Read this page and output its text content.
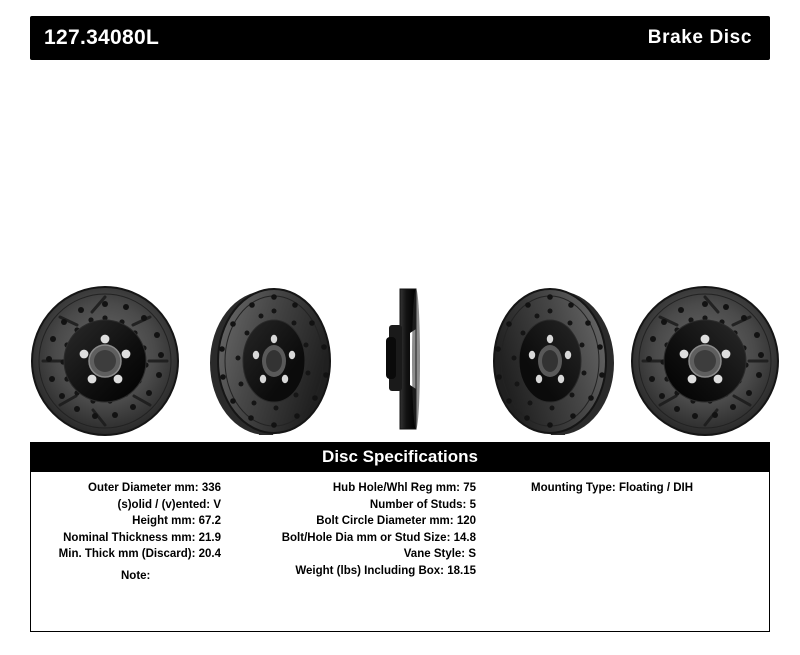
127.34080L	Brake Disc
Disc Specifications
Outer Diameter mm: 336
(s)olid / (v)ented: V
Height mm: 67.2
Nominal Thickness mm: 21.9
Min. Thick mm (Discard): 20.4
Hub Hole/Whl Reg mm: 75
Number of Studs: 5
Bolt Circle Diameter mm: 120
Bolt/Hole Dia mm or Stud Size: 14.8
Vane Style: S
Weight (lbs) Including Box: 18.15
Mounting Type: Floating / DIH
Note:
